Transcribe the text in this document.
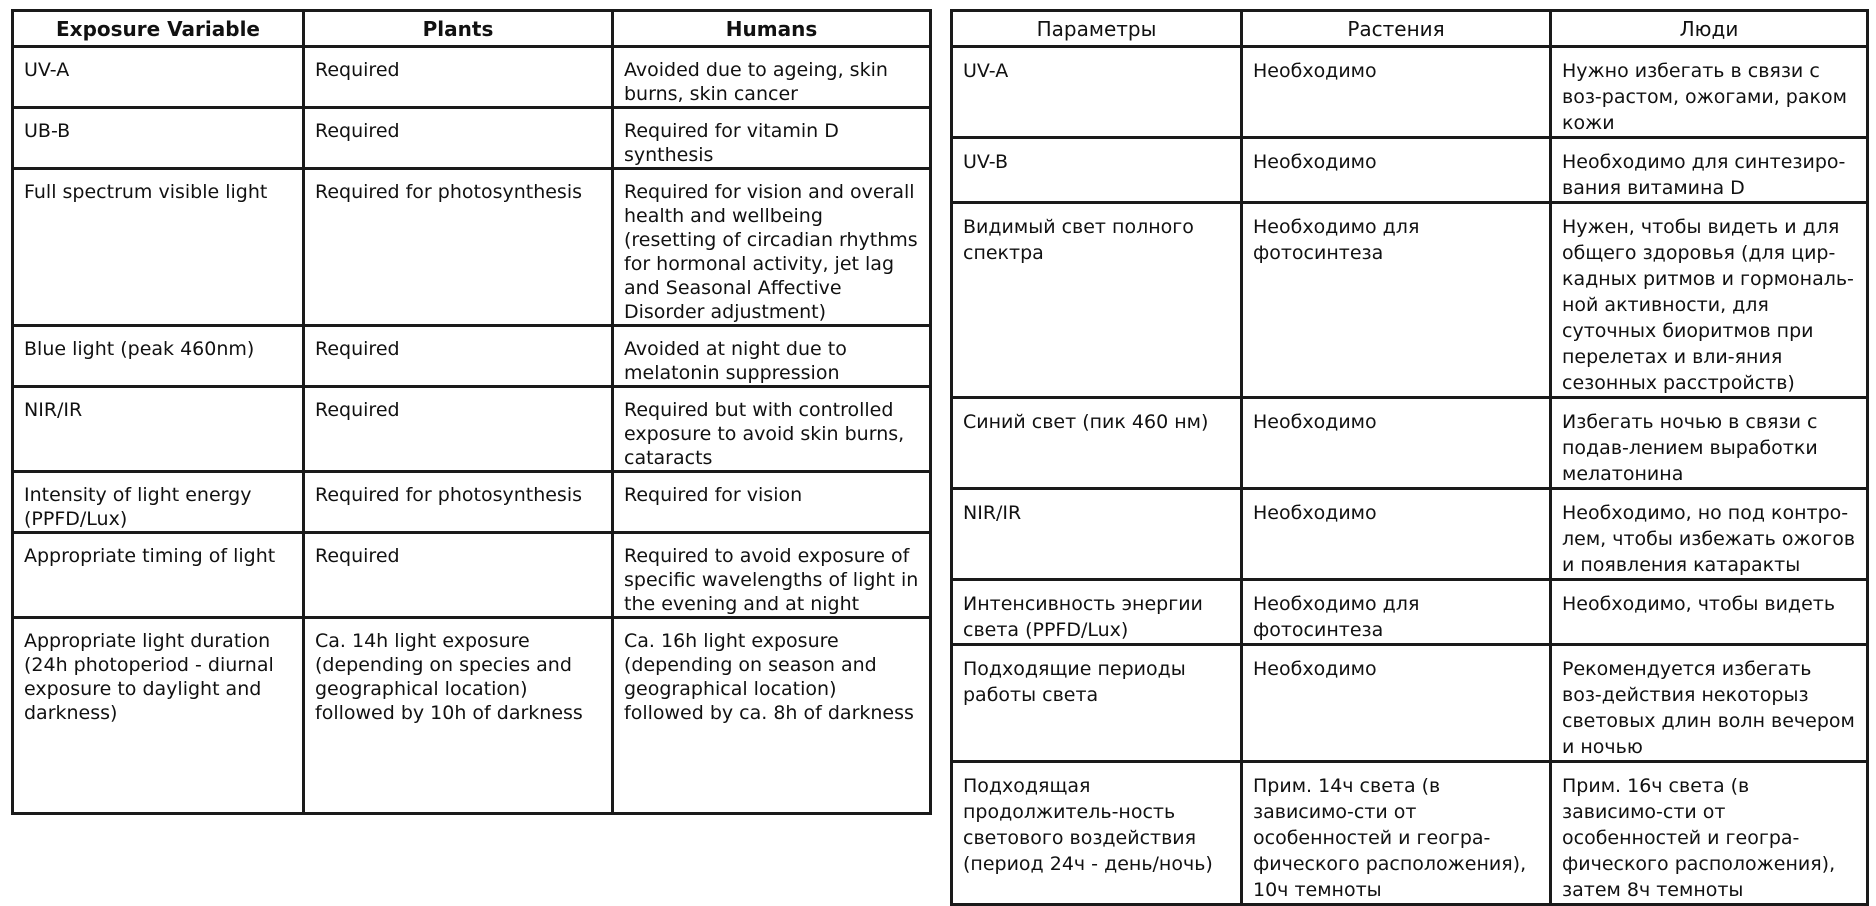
Exposure Variable	Plants	Humans
UV-A	Required	Avoided due to ageing, skin burns, skin cancer
UB-B	Required	Required for vitamin D synthesis
Full spectrum visible light	Required for photosynthesis	Required for vision and overall health and wellbeing (resetting of circadian rhythms for hormonal activity, jet lag and Seasonal Affective Disorder adjustment)
Blue light (peak 460nm)	Required	Avoided at night due to melatonin suppression
NIR/IR	Required	Required but with controlled exposure to avoid skin burns, cataracts
Intensity of light energy (PPFD/Lux)	Required for photosynthesis	Required for vision
Appropriate timing of light	Required	Required to avoid exposure of specific wavelengths of light in the evening and at night
Appropriate light duration (24h photoperiod - diurnal exposure to daylight and darkness)	Ca. 14h light exposure (depending on species and geographical location) followed by 10h of darkness	Ca. 16h light exposure (depending on season and geographical location) followed by ca. 8h of darkness
Параметры	Растения	Люди
UV-A	Необходимо	Нужно избегать в связи с воз-растом, ожогами, раком кожи
UV-B	Необходимо	Необходимо для синтезиро-вания витамина D
Видимый свет полного спектра	Необходимо для фотосинтеза	Нужен, чтобы видеть и для общего здоровья (для цир-кадных ритмов и гормональ-ной активности, для суточных биоритмов при перелетах и вли-яния сезонных расстройств)
Синий свет (пик 460 нм)	Необходимо	Избегать ночью в связи с подав-лением выработки мелатонина
NIR/IR	Необходимо	Необходимо, но под контро-лем, чтобы избежать ожогов и появления катаракты
Интенсивность энергии света (PPFD/Lux)	Необходимо для фотосинтеза	Необходимо, чтобы видеть
Подходящие периоды работы света	Необходимо	Рекомендуется избегать воз-действия некоторыз световых длин волн вечером и ночью
Подходящая продолжитель-ность светового воздействия (период 24ч - день/ночь)	Прим. 14ч света (в зависимо-сти от особенностей и геогра-фического расположения), 10ч темноты	Прим. 16ч света (в зависимо-сти от особенностей и геогра-фического расположения), затем 8ч темноты
